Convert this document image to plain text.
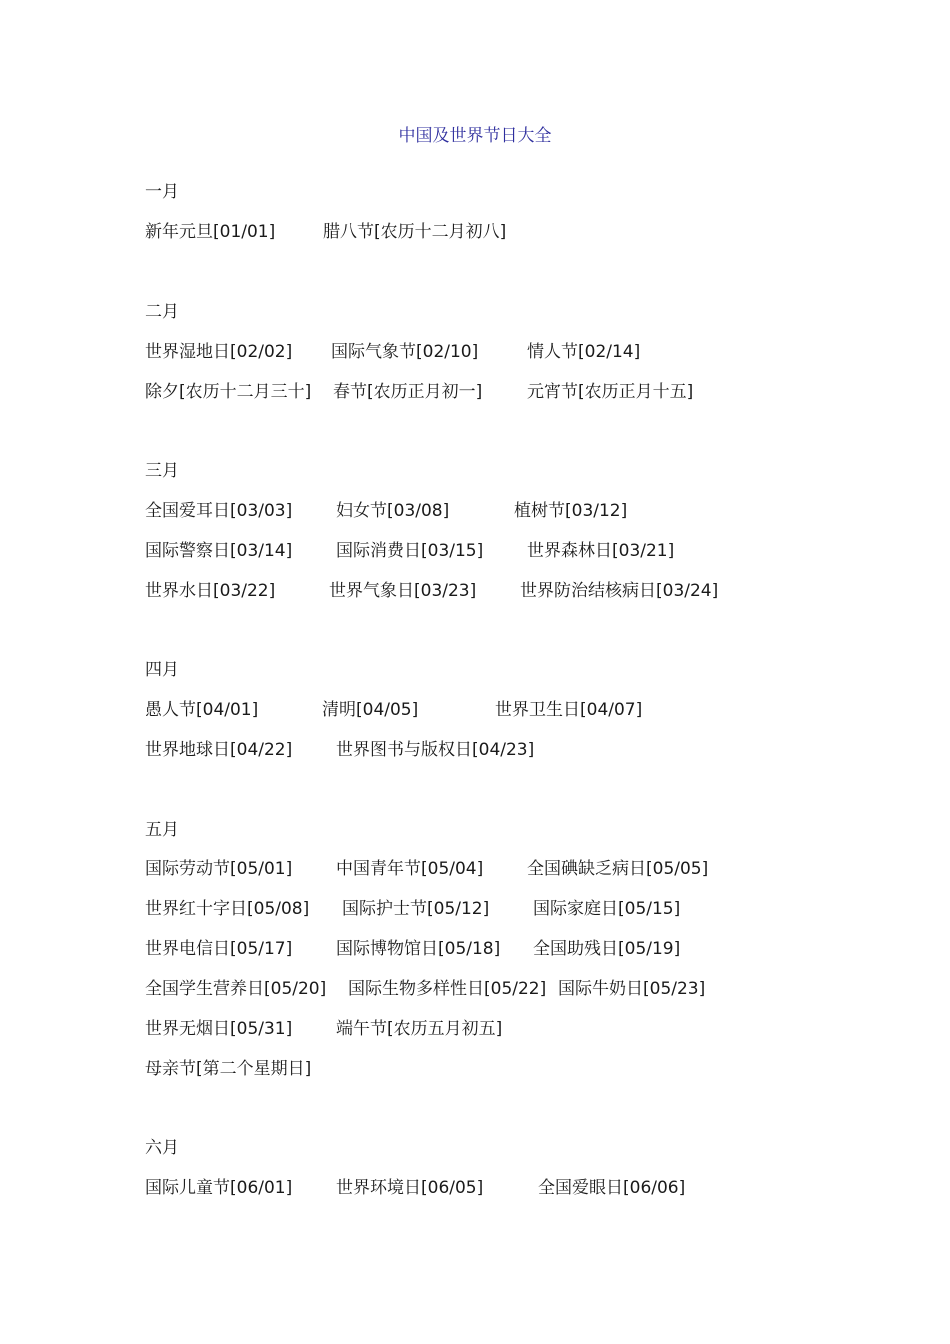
中国及世界节日大全
一月
新年元旦[01/01]	腊八节[农历十二月初八]
二月
世界湿地日[02/02] 国际气象节[02/10]	情人节[02/14]
除夕[农历十二月三十] 春节[农历正月初一]	元宵节[农历正月十五]
三月
全国爱耳日[03/03]	妇女节[03/08]	植树节[03/12]
国际警察日[03/14]	国际消费日[03/15]	世界森林日[03/21]
世界水日[03/22]	世界气象日[03/23]	世界防治结核病日[03/24]
四月
愚人节[04/01]	清明[04/05]	世界卫生日[04/07]
世界地球日[04/22]	世界图书与版权日[04/23]
五月
国际劳动节[05/01]	中国青年节[05/04]	全国碘缺乏病日[05/05]
世界红十字日[05/08] 国际护士节[05/12]	国际家庭日[05/15]
世界电信日[05/17]	国际博物馆日[05/18] 全国助残日[05/19]
全国学生营养日[05/20] 国际生物多样性日[05/22] 国际牛奶日[05/23]
世界无烟日[05/31]	端午节[农历五月初五]
母亲节[第二个星期日]
六月
国际儿童节[06/01]	世界环境日[06/05]	全国爱眼日[06/06]
